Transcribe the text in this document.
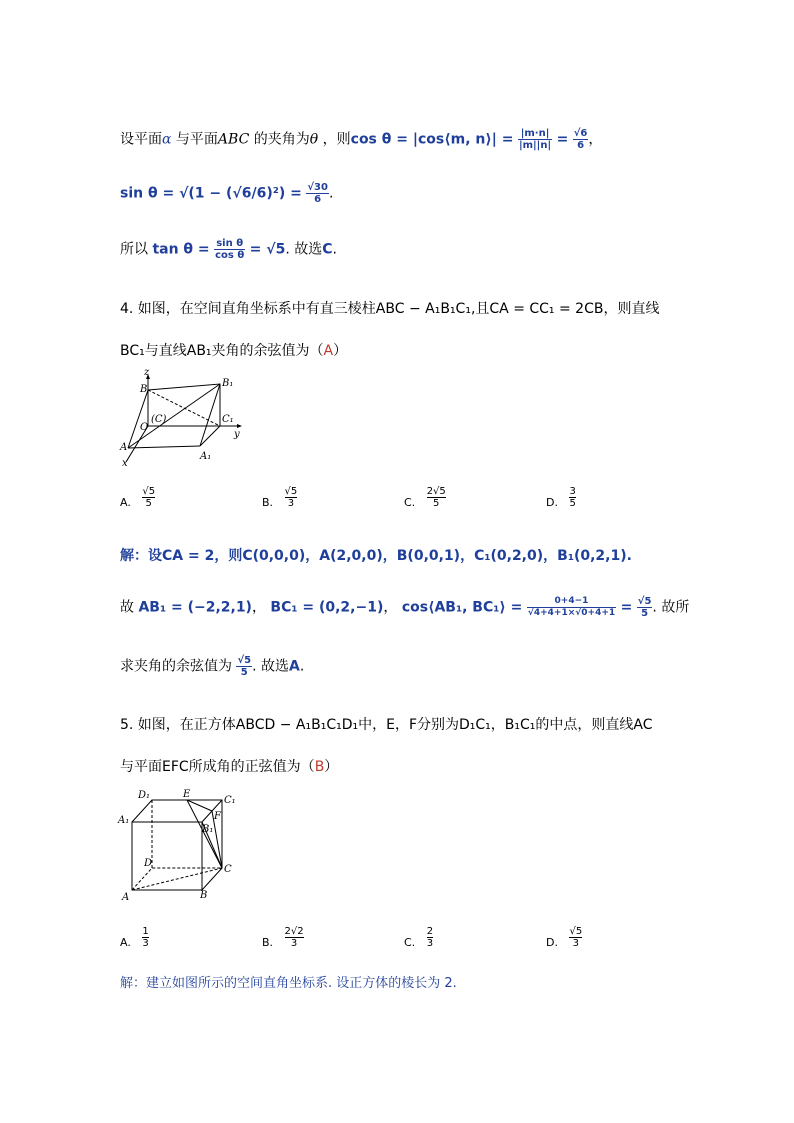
设平面α 与平面ABC 的夹角为θ ，则cos θ = |cos⟨m, n⟩| = $\frac{|m\cdot n|}{|m||n|} = \frac{√6}{6}$ ，
$\sin \theta = √(1 - (√6/6)^2) = \frac{√30}{6}$ .
所以 $\tan \theta = \frac{\text{sin θ}}{\text{cos θ}} = √5$. 故选C.
4. 如图，在空间直角坐标系中有直三棱柱ABC − A₁B₁C₁,且CA = CC₁ = 2CB，则直线
BC₁与直线AB₁夹角的余弦值为（A）
z
B
B₁
(C)
O
C₁
y
A
A₁
x
A. $\frac{√5}{5}$	B. $\frac{√5}{3}$	C. $\frac{2√5}{5}$	D. $\frac{3}{5}$
解：设CA = 2，则C(0,0,0)，A(2,0,0)，B(0,0,1)，C₁(0,2,0)，B₁(0,2,1).
故 AB₁ = (−2,2,1)， BC₁ = (0,2,−1)， cos⟨AB₁, BC₁⟩ = $\frac{0+4-1}{√4+4+1\times√0+4+1} = \frac{√5}{5}$ . 故所
求夹角的余弦值为 $\frac{√5}{5}$ . 故选A.
5. 如图，在正方体ABCD − A₁B₁C₁D₁中，E，F分别为D₁C₁，B₁C₁的中点，则直线AC
与平面EFC所成角的正弦值为（B）
D₁	E
C₁
A₁	F
B₁
D
C
A	B
A. $\frac{1}{3}$	B. $\frac{2√2}{3}$	C. $\frac{2}{3}$	D. $\frac{√5}{3}$
解：建立如图所示的空间直角坐标系. 设正方体的棱长为 2.
